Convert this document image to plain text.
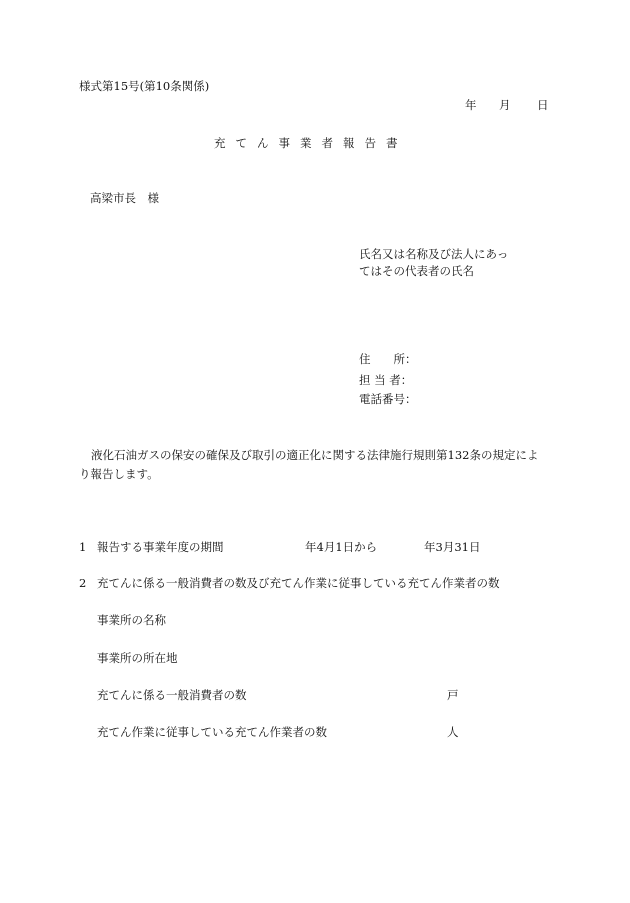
様式第15号(第10条関係)
年 月 日
充てん事業者報告書
高梁市長　様
氏名又は名称及び法人にあってはその代表者の氏名
住　　所：
担 当 者：
電話番号：
液化石油ガスの保安の確保及び取引の適正化に関する法律施行規則第132条の規定により報告します。
1 報告する事業年度の期間	年4月1日から	年3月31日
2 充てんに係る一般消費者の数及び充てん作業に従事している充てん作業者の数
事業所の名称
事業所の所在地
充てんに係る一般消費者の数	戸
充てん作業に従事している充てん作業者の数	人
